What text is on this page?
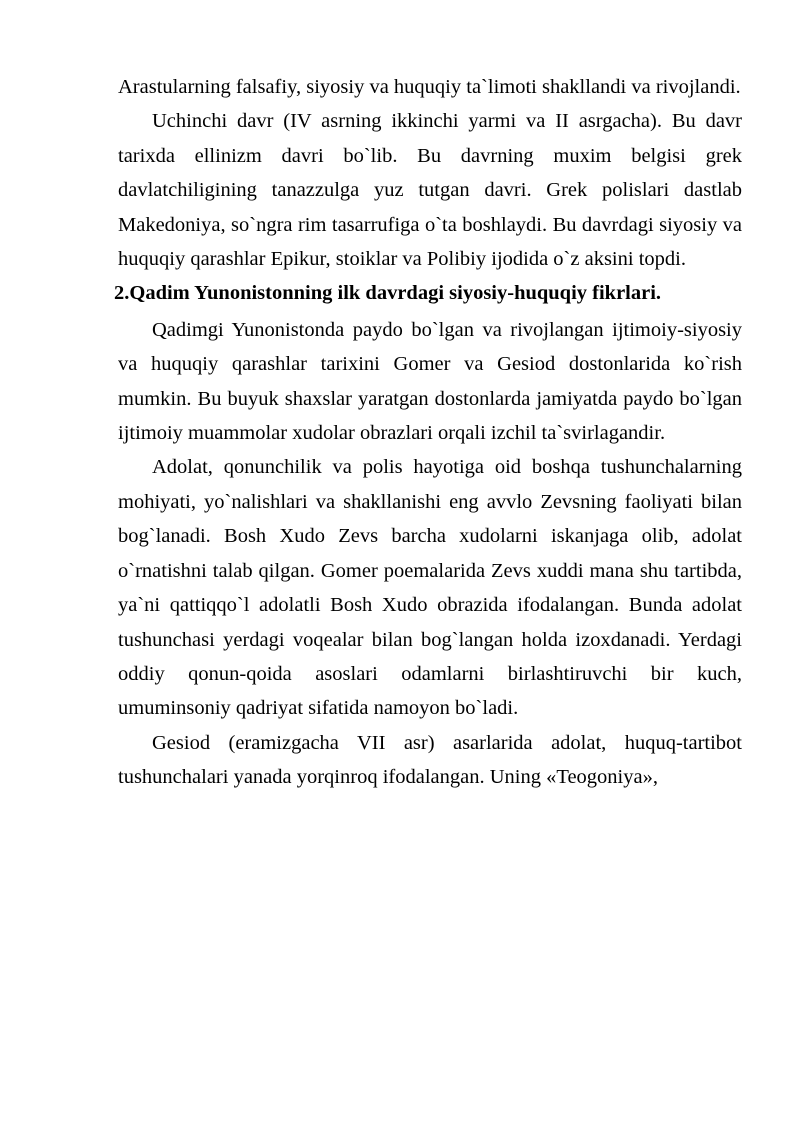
Arastularning falsafiy, siyosiy va huquqiy ta`limoti shakllandi va rivojlandi.

Uchinchi davr (IV asrning ikkinchi yarmi va II asrgacha). Bu davr tarixda ellinizm davri bo`lib. Bu davrning muxim belgisi grek davlatchiligining tanazzulga yuz tutgan davri. Grek polislari dastlab Makedoniya, so`ngra rim tasarrufiga o`ta boshlaydi. Bu davrdagi siyosiy va huquqiy qarashlar Epikur, stoiklar va Polibiy ijodida o`z aksini topdi.

2.Qadim Yunonistonning ilk davrdagi siyosiy-huquqiy fikrlari.

Qadimgi Yunonistonda paydo bo`lgan va rivojlangan ijtimoiy-siyosiy va huquqiy qarashlar tarixini Gomer va Gesiod dostonlarida ko`rish mumkin. Bu buyuk shaxslar yaratgan dostonlarda jamiyatda paydo bo`lgan ijtimoiy muammolar xudolar obrazlari orqali izchil ta`svirlagandir.

Adolat, qonunchilik va polis hayotiga oid boshqa tushunchalarning mohiyati, yo`nalishlari va shakllanishi eng avvlo Zevsning faoliyati bilan bog`lanadi. Bosh Xudo Zevs barcha xudolarni iskanjaga olib, adolat o`rnatishni talab qilgan. Gomer poemalarida Zevs xuddi mana shu tartibda, ya`ni qattiqqo`l adolatli Bosh Xudo obrazida ifodalangan. Bunda adolat tushunchasi yerdagi voqealar bilan bog`langan holda izoxdanadi. Yerdagi oddiy qonun-qoida asoslari odamlarni birlashtiruvchi bir kuch, umuminsoniy qadriyat sifatida namoyon bo`ladi.

Gesiod (eramizgacha VII asr) asarlarida adolat, huquq-tartibot tushunchalari yanada yorqinroq ifodalangan. Uning «Teogoniya»,
